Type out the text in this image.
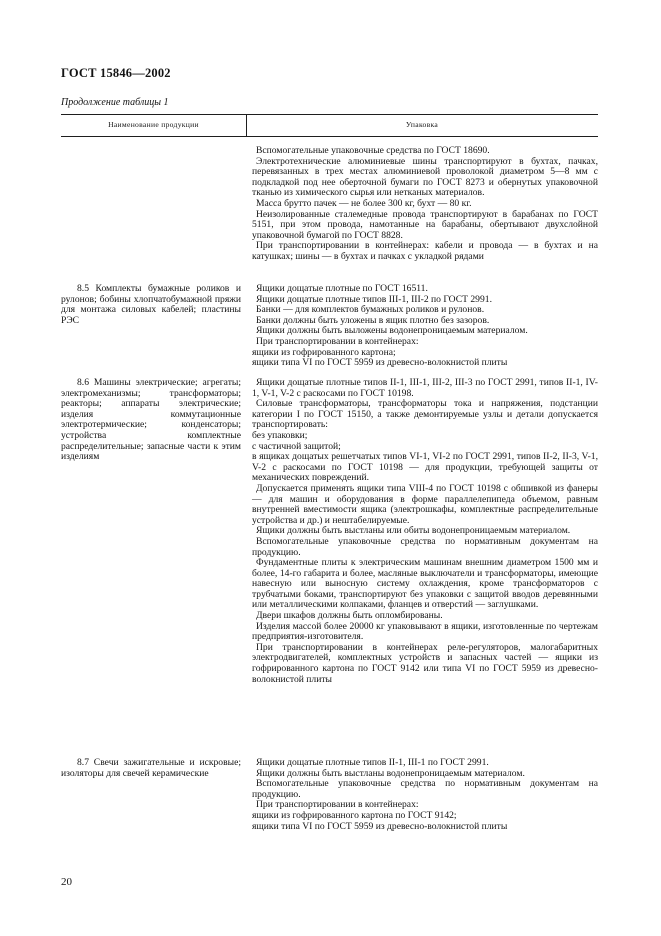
ГОСТ 15846—2002
Продолжение таблицы 1
Наименование продукции	Упаковка
Вспомогательные упаковочные средства по ГОСТ 18690.
Электротехнические алюминиевые шины транспортируют в бухтах, пачках, перевязанных в трех местах алюминиевой проволокой диаметром 5—8 мм с подкладкой под нее оберточной бумаги по ГОСТ 8273 и обернутых упаковочной тканью из химического сырья или нетканых материалов.
Масса брутто пачек — не более 300 кг, бухт — 80 кг.
Неизолированные сталемедные провода транспортируют в барабанах по ГОСТ 5151, при этом провода, намотанные на барабаны, обертывают двухслойной упаковочной бумагой по ГОСТ 8828.
При транспортировании в контейнерах: кабели и провода — в бухтах и на катушках; шины — в бухтах и пачках с укладкой рядами
8.5 Комплекты бумажные роликов и рулонов; бобины хлопчатобумажной пряжи для монтажа силовых кабелей; пластины РЭС
Ящики дощатые плотные по ГОСТ 16511.
Ящики дощатые плотные типов III-1, III-2 по ГОСТ 2991.
Банки — для комплектов бумажных роликов и рулонов.
Банки должны быть уложены в ящик плотно без зазоров.
Ящики должны быть выложены водонепроницаемым материалом.
При транспортировании в контейнерах:
ящики из гофрированного картона;
ящики типа VI по ГОСТ 5959 из древесно-волокнистой плиты
8.6 Машины электрические; агрегаты; электромеханизмы; трансформаторы; реакторы; аппараты электрические; изделия коммутационные электротермические; конденсаторы; устройства комплектные распределительные; запасные части к этим изделиям
Ящики дощатые плотные типов II-1, III-1, III-2, III-3 по ГОСТ 2991, типов II-1, IV-1, V-1, V-2 с раскосами по ГОСТ 10198.
Силовые трансформаторы, трансформаторы тока и напряжения, подстанции категории I по ГОСТ 15150, а также демонтируемые узлы и детали допускается транспортировать:
без упаковки;
с частичной защитой;
в ящиках дощатых решетчатых типов VI-1, VI-2 по ГОСТ 2991, типов II-2, II-3, V-1, V-2 с раскосами по ГОСТ 10198 — для продукции, требующей защиты от механических повреждений.
Допускается применять ящики типа VIII-4 по ГОСТ 10198 с обшивкой из фанеры — для машин и оборудования в форме параллелепипеда объемом, равным внутренней вместимости ящика (электрошкафы, комплектные распределительные устройства и др.) и нештабелируемые.
Ящики должны быть выстланы или обиты водонепроницаемым материалом.
Вспомогательные упаковочные средства по нормативным документам на продукцию.
Фундаментные плиты к электрическим машинам внешним диаметром 1500 мм и более, 14-го габарита и более, масляные выключатели и трансформаторы, имеющие навесную или выносную систему охлаждения, кроме трансформаторов с трубчатыми боками, транспортируют без упаковки с защитой вводов деревянными или металлическими колпаками, фланцев и отверстий — заглушками.
Двери шкафов должны быть опломбированы.
Изделия массой более 20000 кг упаковывают в ящики, изготовленные по чертежам предприятия-изготовителя.
При транспортировании в контейнерах реле-регуляторов, малогабаритных электродвигателей, комплектных устройств и запасных частей — ящики из гофрированного картона по ГОСТ 9142 или типа VI по ГОСТ 5959 из древесно-волокнистой плиты
8.7 Свечи зажигательные и искровые; изоляторы для свечей керамические
Ящики дощатые плотные типов II-1, III-1 по ГОСТ 2991.
Ящики должны быть выстланы водонепроницаемым материалом.
Вспомогательные упаковочные средства по нормативным документам на продукцию.
При транспортировании в контейнерах:
ящики из гофрированного картона по ГОСТ 9142;
ящики типа VI по ГОСТ 5959 из древесно-волокнистой плиты
20
